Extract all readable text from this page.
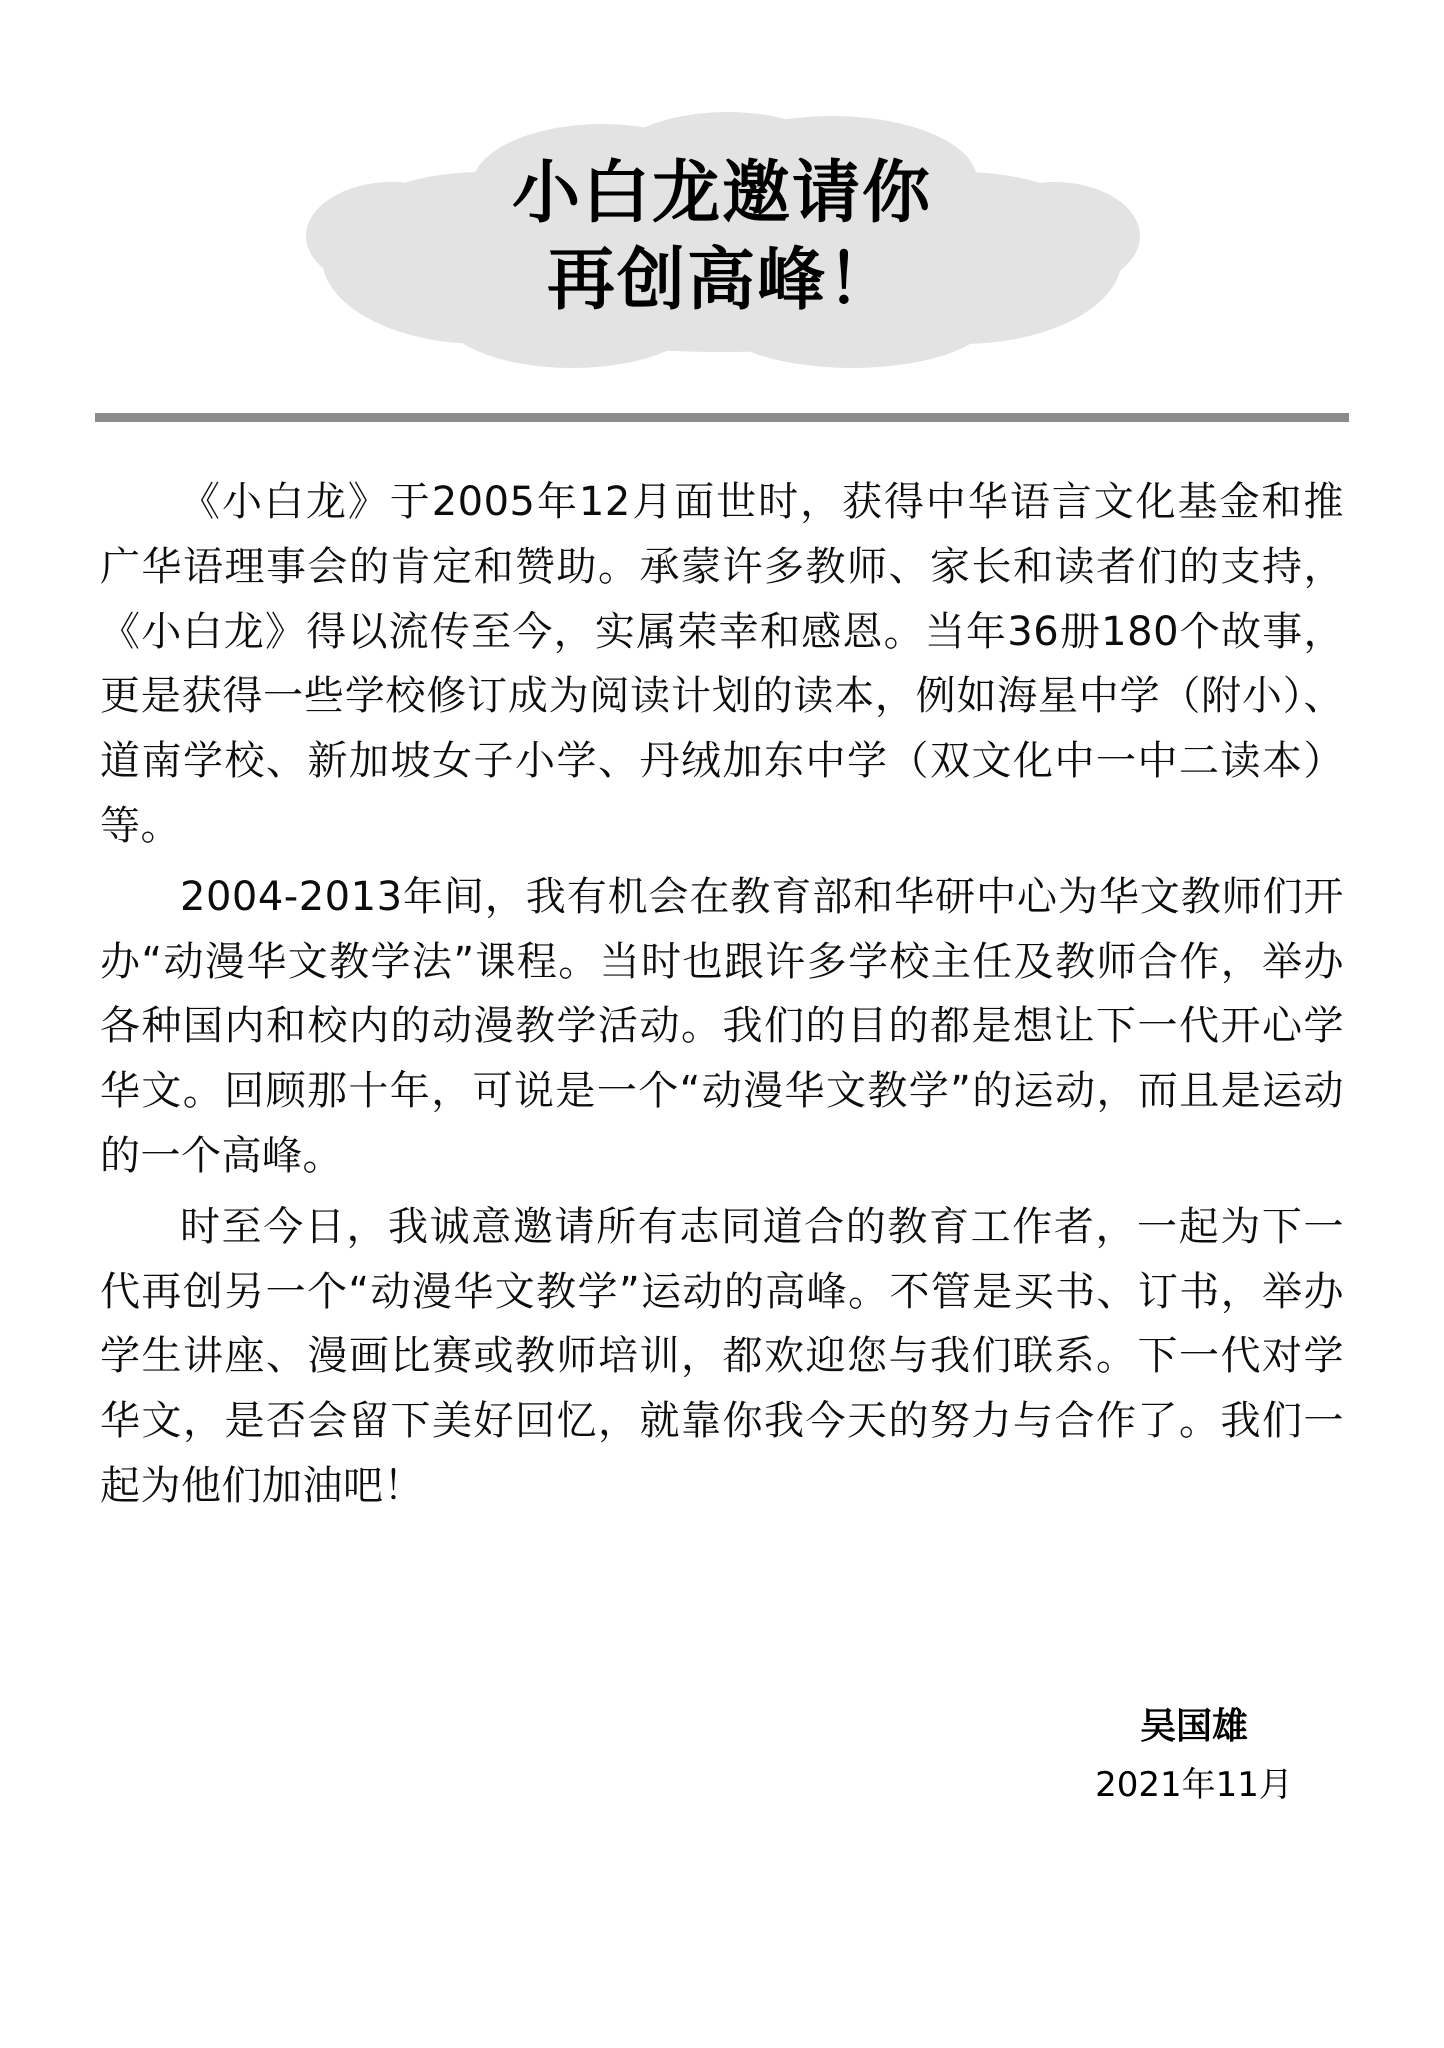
小白龙邀请你
再创高峰！

《小白龙》于2005年12月面世时，获得中华语言文化基金和推广华语理事会的肯定和赞助。承蒙许多教师、家长和读者们的支持，《小白龙》得以流传至今，实属荣幸和感恩。当年36册180个故事，更是获得一些学校修订成为阅读计划的读本，例如海星中学（附小）、道南学校、新加坡女子小学、丹绒加东中学（双文化中一中二读本）等。

2004-2013年间，我有机会在教育部和华研中心为华文教师们开办“动漫华文教学法”课程。当时也跟许多学校主任及教师合作，举办各种国内和校内的动漫教学活动。我们的目的都是想让下一代开心学华文。回顾那十年，可说是一个“动漫华文教学”的运动，而且是运动的一个高峰。

时至今日，我诚意邀请所有志同道合的教育工作者，一起为下一代再创另一个“动漫华文教学”运动的高峰。不管是买书、订书，举办学生讲座、漫画比赛或教师培训，都欢迎您与我们联系。下一代对学华文，是否会留下美好回忆，就靠你我今天的努力与合作了。我们一起为他们加油吧！

吴国雄
2021年11月
